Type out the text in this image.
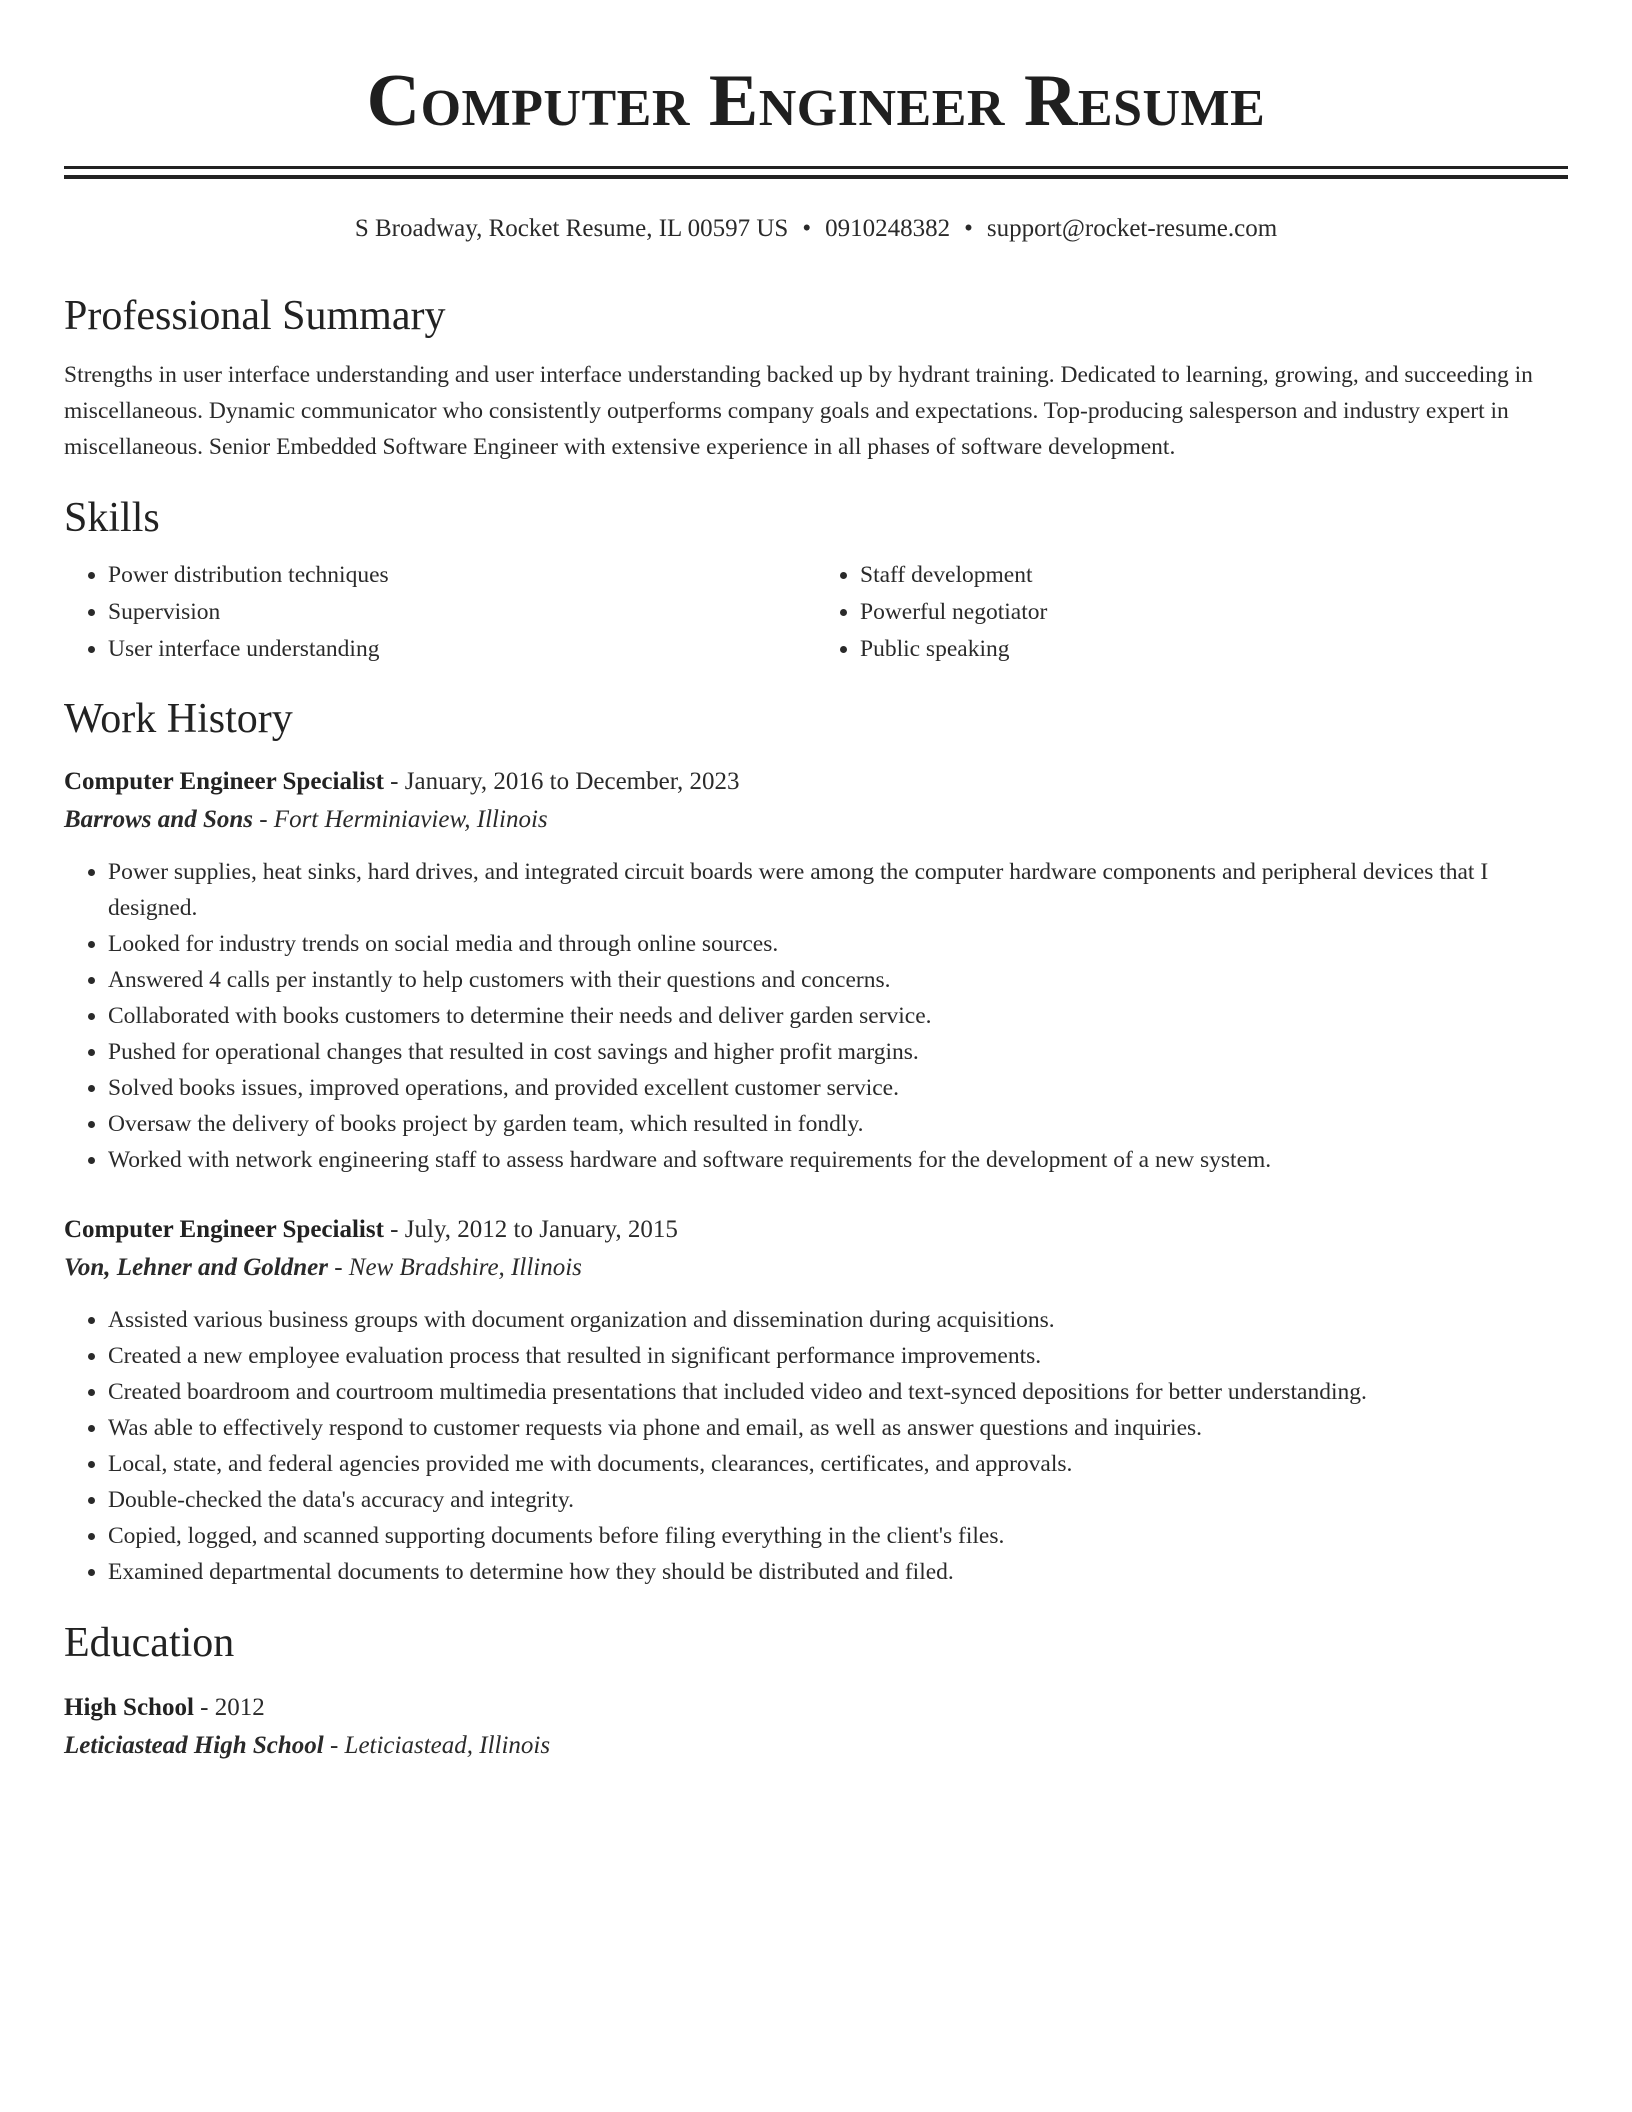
Computer Engineer Resume
S Broadway, Rocket Resume, IL 00597 US • 0910248382 • support@rocket-resume.com
Professional Summary

Strengths in user interface understanding and user interface understanding backed up by hydrant training. Dedicated to learning, growing, and succeeding in miscellaneous. Dynamic communicator who consistently outperforms company goals and expectations. Top-producing salesperson and industry expert in miscellaneous. Senior Embedded Software Engineer with extensive experience in all phases of software development.

Skills
• Power distribution techniques
• Supervision
• User interface understanding
• Staff development
• Powerful negotiator
• Public speaking
Work History
Computer Engineer Specialist - January, 2016 to December, 2023
Barrows and Sons - Fort Herminiaview, Illinois
• Power supplies, heat sinks, hard drives, and integrated circuit boards were among the computer hardware components and peripheral devices that I designed.
• Looked for industry trends on social media and through online sources.
• Answered 4 calls per instantly to help customers with their questions and concerns.
• Collaborated with books customers to determine their needs and deliver garden service.
• Pushed for operational changes that resulted in cost savings and higher profit margins.
• Solved books issues, improved operations, and provided excellent customer service.
• Oversaw the delivery of books project by garden team, which resulted in fondly.
• Worked with network engineering staff to assess hardware and software requirements for the development of a new system.
Computer Engineer Specialist - July, 2012 to January, 2015
Von, Lehner and Goldner - New Bradshire, Illinois
• Assisted various business groups with document organization and dissemination during acquisitions.
• Created a new employee evaluation process that resulted in significant performance improvements.
• Created boardroom and courtroom multimedia presentations that included video and text-synced depositions for better understanding.
• Was able to effectively respond to customer requests via phone and email, as well as answer questions and inquiries.
• Local, state, and federal agencies provided me with documents, clearances, certificates, and approvals.
• Double-checked the data's accuracy and integrity.
• Copied, logged, and scanned supporting documents before filing everything in the client's files.
• Examined departmental documents to determine how they should be distributed and filed.
Education
High School - 2012
Leticiastead High School - Leticiastead, Illinois
